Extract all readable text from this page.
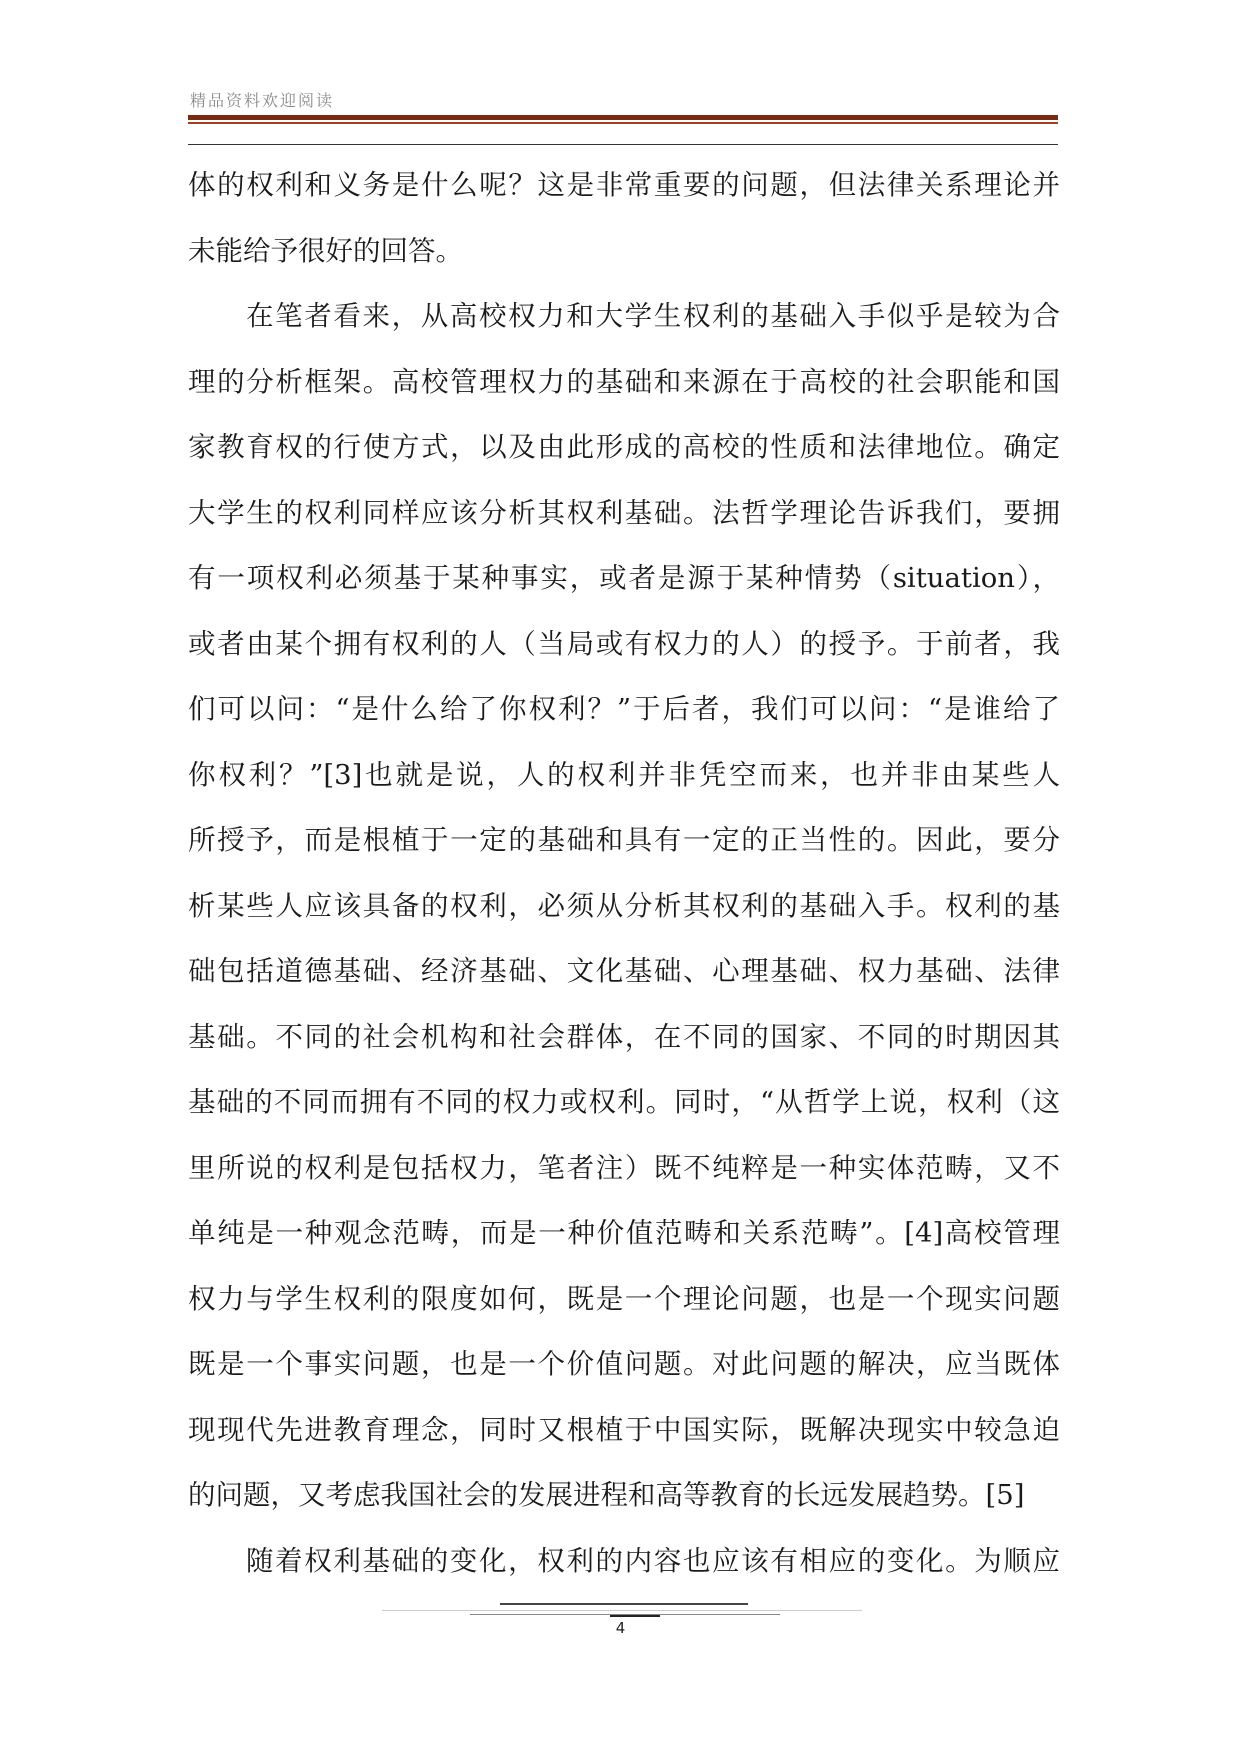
精品资料欢迎阅读
体的权利和义务是什么呢？这是非常重要的问题，但法律关系理论并
未能给予很好的回答。
在笔者看来，从高校权力和大学生权利的基础入手似乎是较为合
理的分析框架。高校管理权力的基础和来源在于高校的社会职能和国
家教育权的行使方式，以及由此形成的高校的性质和法律地位。确定
大学生的权利同样应该分析其权利基础。法哲学理论告诉我们，要拥
有一项权利必须基于某种事实，或者是源于某种情势（situation），
或者由某个拥有权利的人（当局或有权力的人）的授予。于前者，我
们可以问：“是什么给了你权利？”于后者，我们可以问：“是谁给了
你权利？”[3]也就是说，人的权利并非凭空而来，也并非由某些人
所授予，而是根植于一定的基础和具有一定的正当性的。因此，要分
析某些人应该具备的权利，必须从分析其权利的基础入手。权利的基
础包括道德基础、经济基础、文化基础、心理基础、权力基础、法律
基础。不同的社会机构和社会群体，在不同的国家、不同的时期因其
基础的不同而拥有不同的权力或权利。同时，“从哲学上说，权利（这
里所说的权利是包括权力，笔者注）既不纯粹是一种实体范畴，又不
单纯是一种观念范畴，而是一种价值范畴和关系范畴”。[4]高校管理
权力与学生权利的限度如何，既是一个理论问题，也是一个现实问题
既是一个事实问题，也是一个价值问题。对此问题的解决，应当既体
现现代先进教育理念，同时又根植于中国实际，既解决现实中较急迫
的问题，又考虑我国社会的发展进程和高等教育的长远发展趋势。[5]
随着权利基础的变化，权利的内容也应该有相应的变化。为顺应
4
